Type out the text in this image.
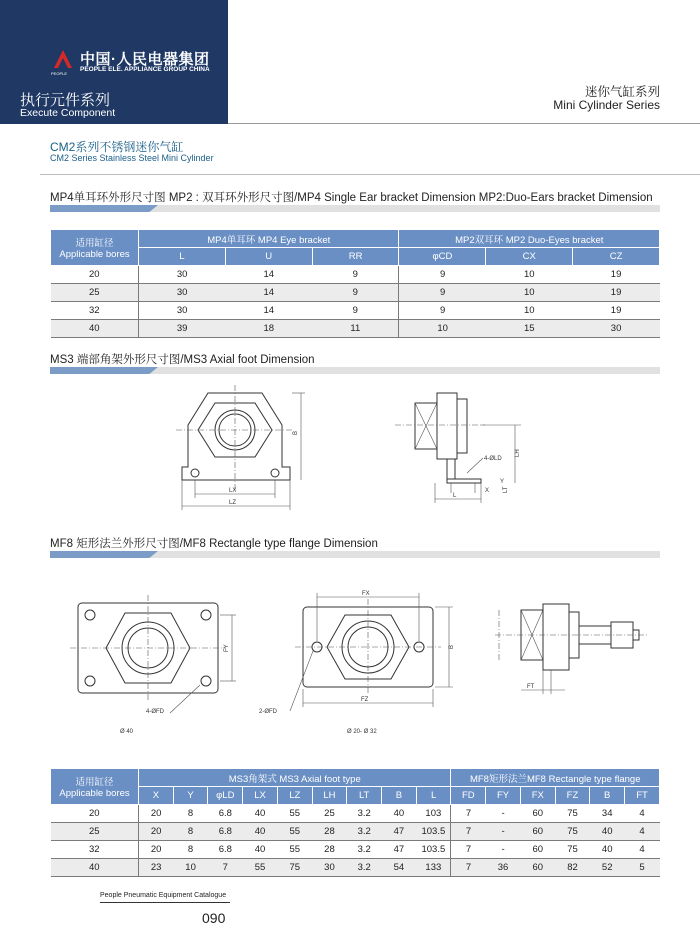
PEOPLE
中国·人民电器集团
PEOPLE ELE. APPLIANCE GROUP CHINA
执行元件系列
Execute Component
迷你气缸系列
Mini Cylinder Series
CM2系列不锈钢迷你气缸
CM2 Series Stainless Steel Mini Cylinder
MP4单耳环外形尺寸图 MP2 : 双耳环外形尺寸图/MP4 Single Ear bracket Dimension MP2:Duo-Ears bracket Dimension
适用缸径
Applicable bores	MP4单耳环 MP4 Eye bracket			MP2双耳环 MP2 Duo-Eyes bracket		
	L	U	RR	φCD	CX	CZ
20	30	14	9	9	10	19
25	30	14	9	9	10	19
32	30	14	9	9	10	19
40	39	18	11	10	15	30
MS3 端部角架外形尺寸图/MS3 Axial foot Dimension
LX
LZ
B
L
X
4-ØLD
Y
LH
LT
MF8 矩形法兰外形尺寸图/MF8 Rectangle type flange Dimension
FY
4-ØFD
Ø 40
FX
B
FZ
2-ØFD
Ø 20- Ø 32
FT
适用缸径
Applicable bores	MS3角架式 MS3 Axial foot type									MF8矩形法兰MF8 Rectangle type flange					
	X	Y	φLD	LX	LZ	LH	LT	B	L	FD	FY	FX	FZ	B	FT
20	20	8	6.8	40	55	25	3.2	40	103	7	-	60	75	34	4
25	20	8	6.8	40	55	28	3.2	47	103.5	7	-	60	75	40	4
32	20	8	6.8	40	55	28	3.2	47	103.5	7	-	60	75	40	4
40	23	10	7	55	75	30	3.2	54	133	7	36	60	82	52	5
People Pneumatic Equipment Catalogue
090
